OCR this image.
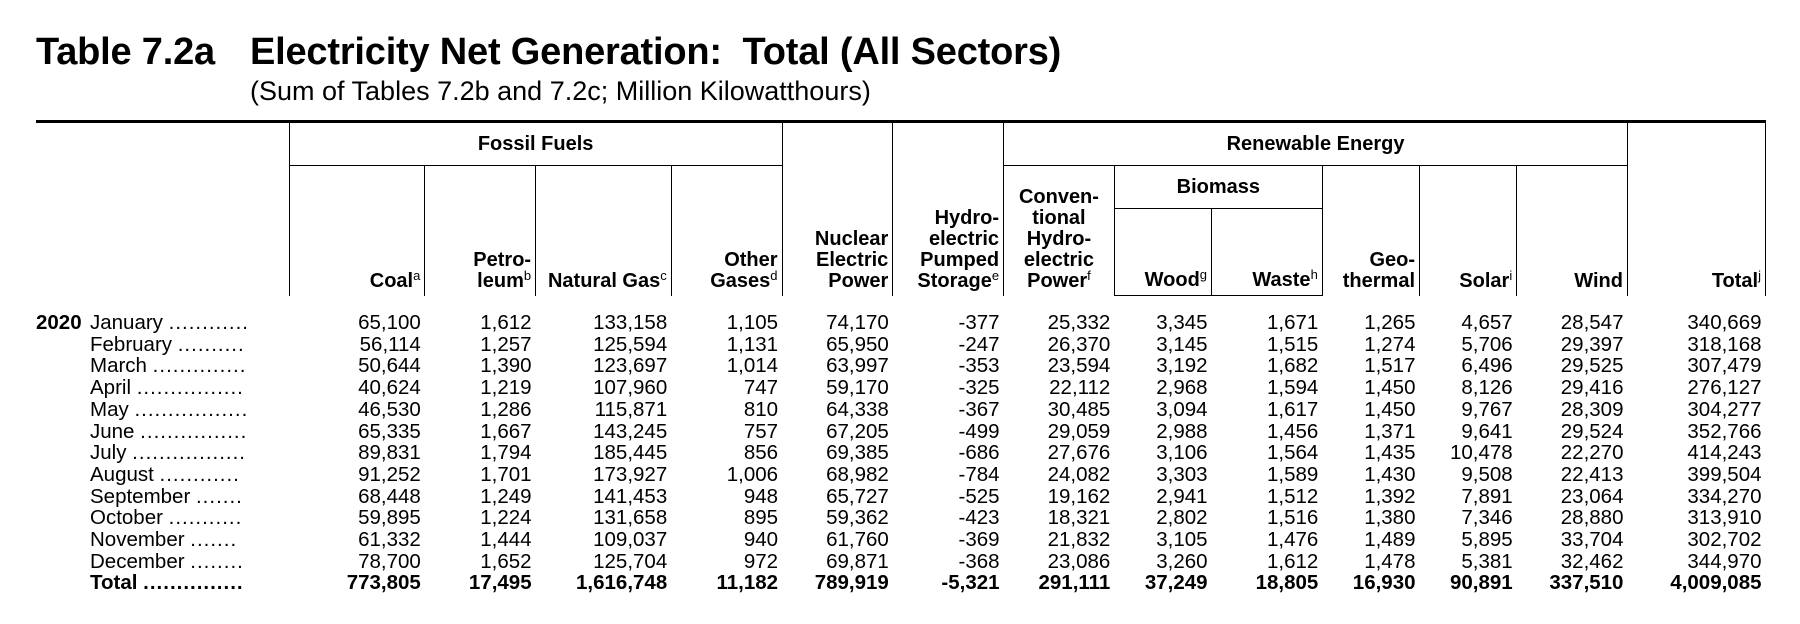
Table 7.2a Electricity Net Generation:  Total (All Sectors)
(Sum of Tables 7.2b and 7.2c; Million Kilowatthours)
	Fossil Fuels				Nuclear Electric Power	Hydro- electric Pumped Storage$^e$	Renewable Energy						Total$^j$
	Coal$^a$	Petro- leum$^b$	Natural Gas$^c$	Other Gases$^d$			Conven- tional Hydro- electric Power$^f$	Biomass		Geo- thermal	Solar$^i$	Wind	
								Wood$^g$	Waste$^h$
2020 January ............	65,100	1,612	133,158	1,105	74,170	-377	25,332	3,345	1,671	1,265	4,657	28,547	340,669
February ..........	56,114	1,257	125,594	1,131	65,950	-247	26,370	3,145	1,515	1,274	5,706	29,397	318,168
March ..............	50,644	1,390	123,697	1,014	63,997	-353	23,594	3,192	1,682	1,517	6,496	29,525	307,479
April ................	40,624	1,219	107,960	747	59,170	-325	22,112	2,968	1,594	1,450	8,126	29,416	276,127
May .................	46,530	1,286	115,871	810	64,338	-367	30,485	3,094	1,617	1,450	9,767	28,309	304,277
June ................	65,335	1,667	143,245	757	67,205	-499	29,059	2,988	1,456	1,371	9,641	29,524	352,766
July .................	89,831	1,794	185,445	856	69,385	-686	27,676	3,106	1,564	1,435	10,478	22,270	414,243
August ............	91,252	1,701	173,927	1,006	68,982	-784	24,082	3,303	1,589	1,430	9,508	22,413	399,504
September .......	68,448	1,249	141,453	948	65,727	-525	19,162	2,941	1,512	1,392	7,891	23,064	334,270
October ...........	59,895	1,224	131,658	895	59,362	-423	18,321	2,802	1,516	1,380	7,346	28,880	313,910
November .......	61,332	1,444	109,037	940	61,760	-369	21,832	3,105	1,476	1,489	5,895	33,704	302,702
December ........	78,700	1,652	125,704	972	69,871	-368	23,086	3,260	1,612	1,478	5,381	32,462	344,970
Total ...............	773,805	17,495	1,616,748	11,182	789,919	-5,321	291,111	37,249	18,805	16,930	90,891	337,510	4,009,085
